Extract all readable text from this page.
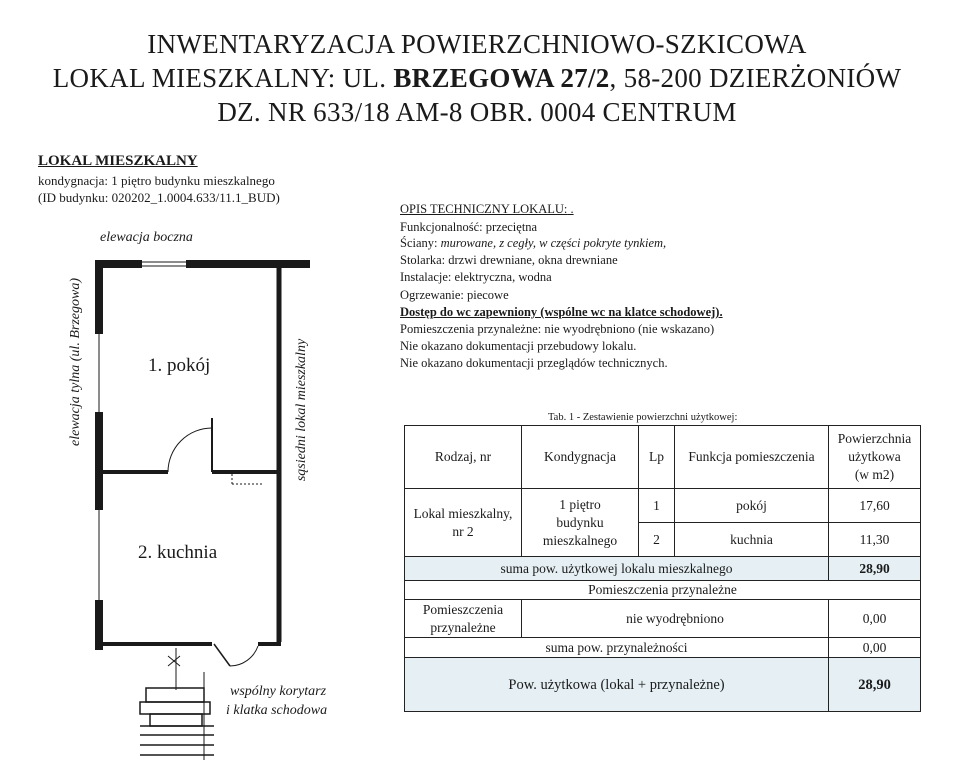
INWENTARYZACJA POWIERZCHNIOWO-SZKICOWA
LOKAL MIESZKALNY: UL. BRZEGOWA 27/2, 58-200 DZIERŻONIÓW
DZ. NR 633/18 AM-8 OBR. 0004 CENTRUM
LOKAL MIESZKALNY
kondygnacja: 1 piętro budynku mieszkalnego
(ID budynku: 020202_1.0004.633/11.1_BUD)
elewacja boczna
elewacja tylna (ul. Brzegowa)	sąsiedni lokal mieszkalny
wspólny korytarz
i klatka schodowa
1. pokój
2. kuchnia
OPIS TECHNICZNY LOKALU: .
Funkcjonalność: przeciętna
Ściany: murowane, z cegły, w części pokryte tynkiem,
Stolarka: drzwi drewniane, okna drewniane
Instalacje: elektryczna, wodna
Ogrzewanie: piecowe
Dostęp do wc zapewniony (wspólne wc na klatce schodowej).
Pomieszczenia przynależne: nie wyodrębniono (nie wskazano)
Nie okazano dokumentacji przebudowy lokalu.
Nie okazano dokumentacji przeglądów technicznych.
Tab. 1 - Zestawienie powierzchni użytkowej:
Rodzaj, nr	Kondygnacja	Lp	Funkcja pomieszczenia	Powierzchnia
użytkowa
(w m2)
Lokal mieszkalny,
nr 2	1 piętro
budynku
mieszkalnego	1	pokój	17,60
		2	kuchnia	11,30
suma pow. użytkowej lokalu mieszkalnego				28,90
Pomieszczenia przynależne				
Pomieszczenia
przynależne	nie wyodrębniono			0,00
suma pow. przynależności				0,00
Pow. użytkowa (lokal + przynależne)				28,90
